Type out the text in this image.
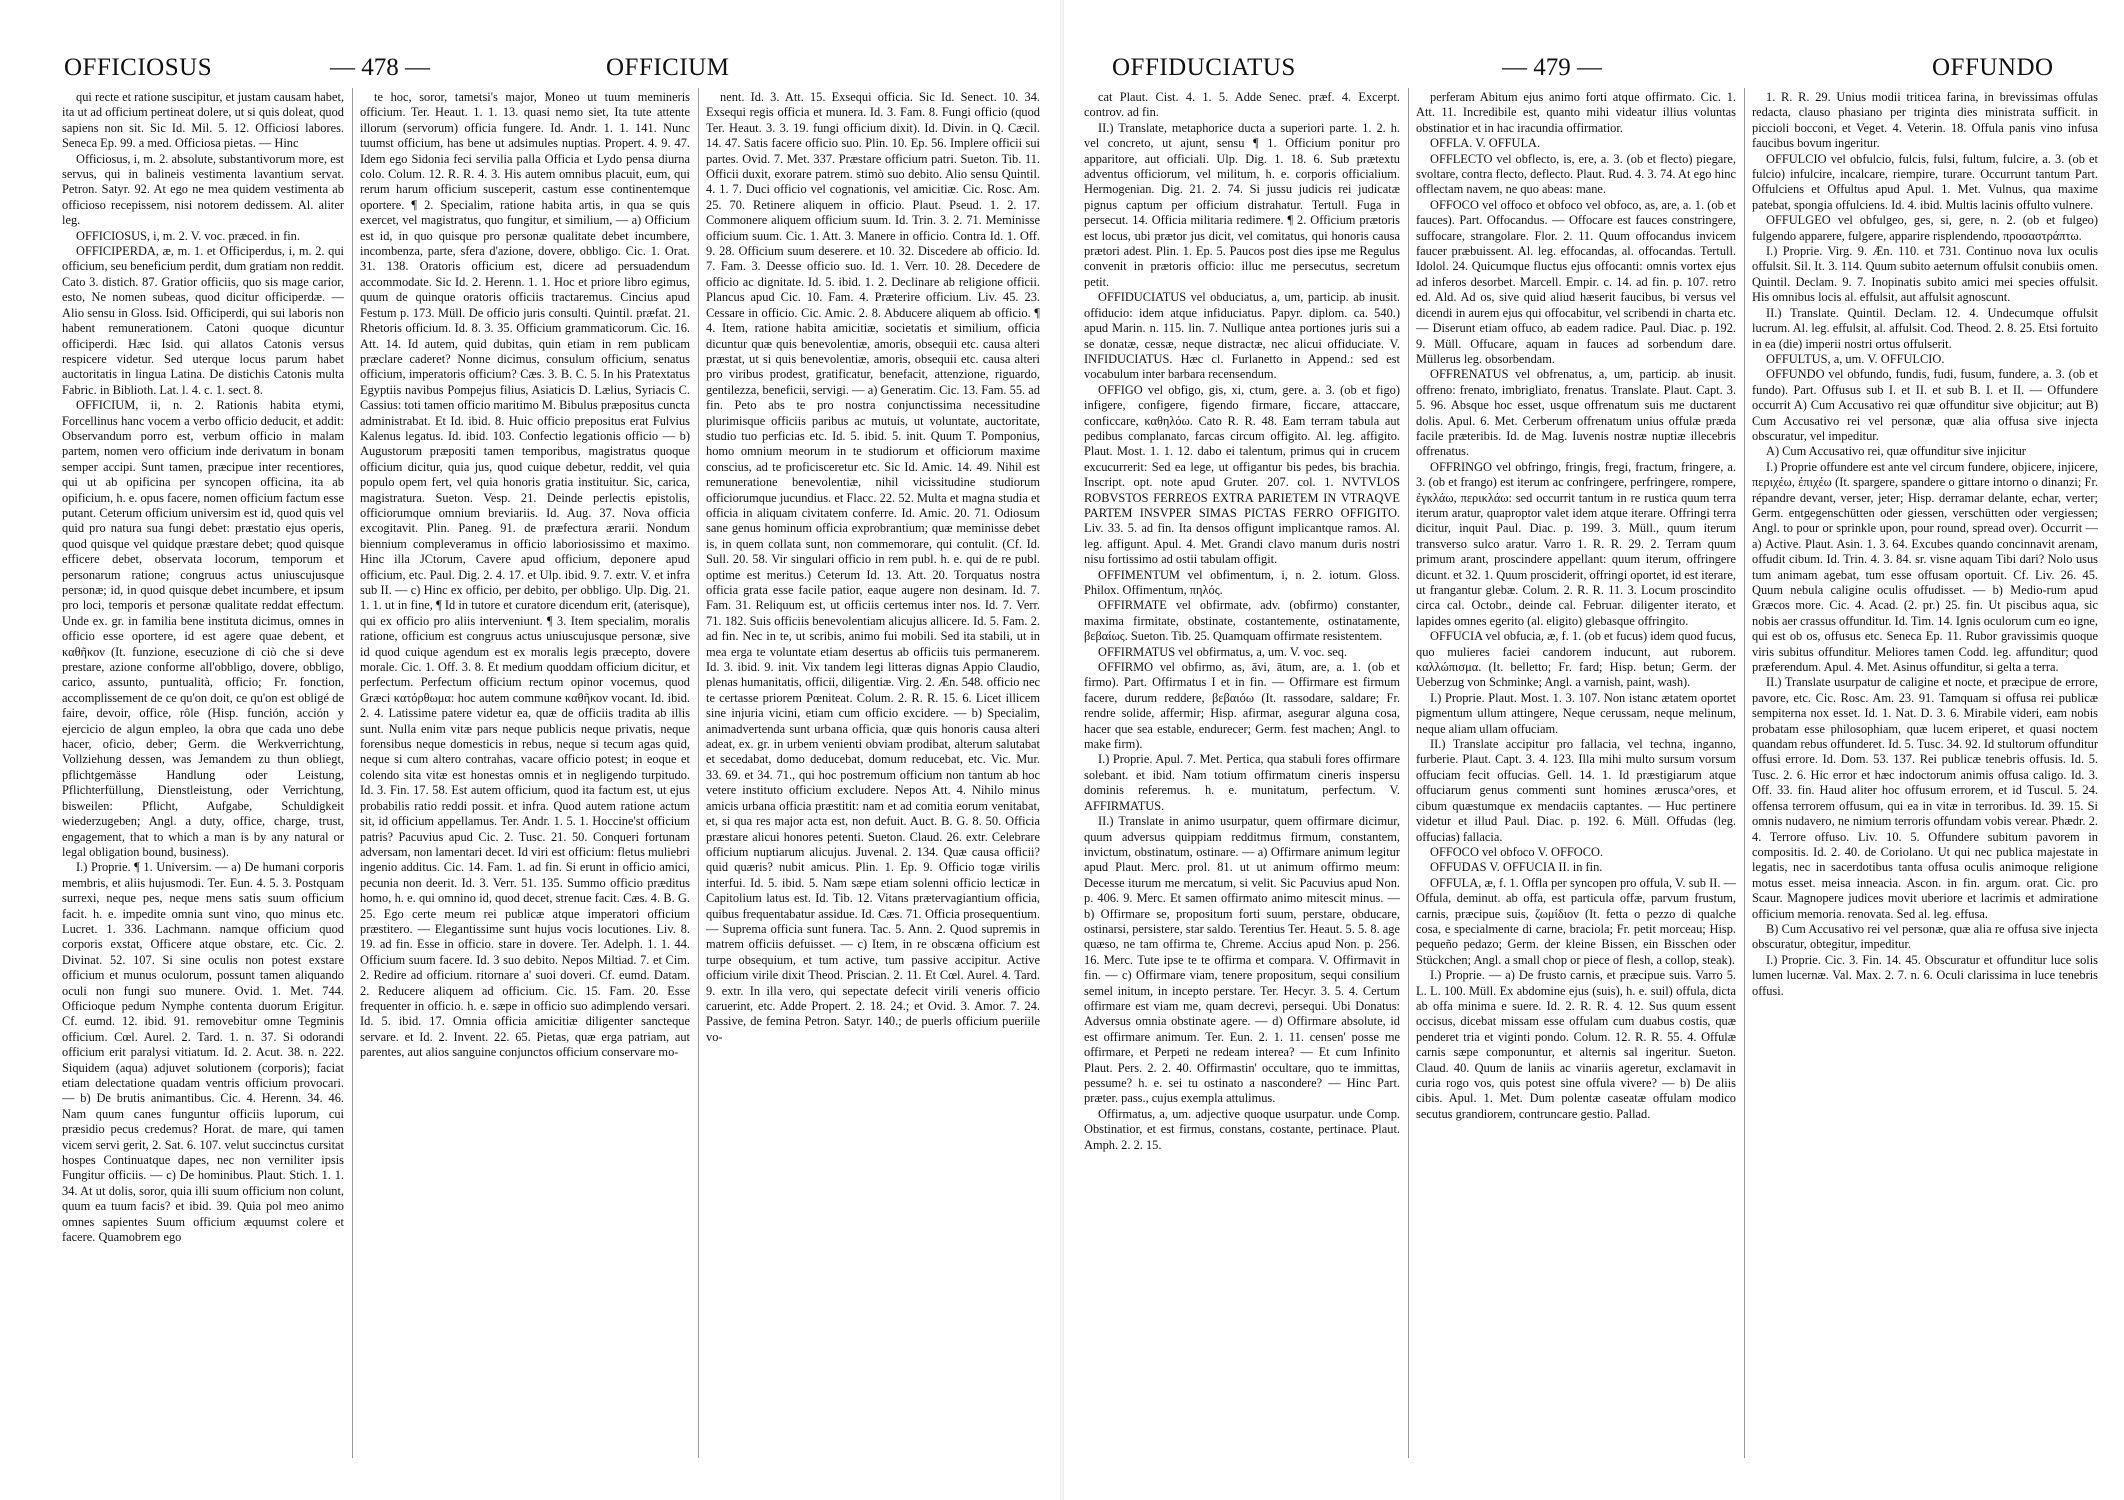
OFFICIOSUS	— 478 —	OFFICIUM

qui recte et ratione suscipitur, et justam causam habet, ita ut ad officium pertineat dolere, ut si quis doleat, quod sapiens non sit. Sic Id. Mil. 5. 12. Officiosi labores. Seneca Ep. 99. a med. Officiosa pietas. — Hinc

Officiosus, i, m. 2. absolute, substantivorum more, est servus, qui in balineis vestimenta lavantium servat. Petron. Satyr. 92. At ego ne mea quidem vestimenta ab officioso recepissem, nisi notorem dedissem. Al. aliter leg.

OFFICIOSUS, i, m. 2. V. voc. præced. in fin.

OFFICIPERDA, æ, m. 1. et Officiperdus, i, m. 2. qui officium, seu beneficium perdit, dum gratiam non reddit. Cato 3. distich. 87. Gratior officiis, quo sis mage carior, esto, Ne nomen subeas, quod dicitur officiperdæ. — Alio sensu in Gloss. Isid. Officiperdi, qui sui laboris non habent remunerationem. Catoni quoque dicuntur officiperdi. Hæc Isid. qui allatos Catonis versus respicere videtur. Sed uterque locus parum habet auctoritatis in lingua Latina. De distichis Catonis multa Fabric. in Biblioth. Lat. l. 4. c. 1. sect. 8.

OFFICIUM, ii, n. 2. Rationis habita etymi, Forcellinus hanc vocem a verbo officio deducit, et addit: Observandum porro est, verbum officio in malam partem, nomen vero officium inde derivatum in bonam semper accipi. Sunt tamen, præcipue inter recentiores, qui ut ab opificina per syncopen officina, ita ab opificium, h. e. opus facere, nomen officium factum esse putant. Ceterum officium universim est id, quod quis vel quid pro natura sua fungi debet: præstatio ejus operis, quod quisque vel quidque præstare debet; quod quisque efficere debet, observata locorum, temporum et personarum ratione; congruus actus uniuscujusque personæ; id, in quod quisque debet incumbere, et ipsum pro loci, temporis et personæ qualitate reddat effectum. Unde ex. gr. in familia bene instituta dicimus, omnes in officio esse oportere, id est agere quae debent, et καθῆκον (It. funzione, esecuzione di ciò che si deve prestare, azione conforme all'obbligo, dovere, obbligo, carico, assunto, puntualità, officio; Fr. fonction, accomplissement de ce qu'on doit, ce qu'on est obligé de faire, devoir, office, rôle (Hisp. función, acción y ejercicio de algun empleo, la obra que cada uno debe hacer, oficio, deber; Germ. die Werkverrichtung, Vollziehung dessen, was Jemandem zu thun obliegt, pflichtgemässe Handlung oder Leistung, Pflichterfüllung, Dienstleistung, oder Verrichtung, bisweilen: Pflicht, Aufgabe, Schuldigkeit wiederzugeben; Angl. a duty, office, charge, trust, engagement, that to which a man is by any natural or legal obligation bound, business).

I.) Proprie. ¶ 1. Universim. — a) De humani corporis membris, et aliis hujusmodi. Ter. Eun. 4. 5. 3. Postquam surrexi, neque pes, neque mens satis suum officium facit. h. e. impedite omnia sunt vino, quo minus etc. Lucret. 1. 336. Lachmann. namque officium quod corporis exstat, Officere atque obstare, etc. Cic. 2. Divinat. 52. 107. Si sine oculis non potest exstare officium et munus oculorum, possunt tamen aliquando oculi non fungi suo munere. Ovid. 1. Met. 744. Officioque pedum Nymphe contenta duorum Erigitur. Cf. eumd. 12. ibid. 91. removebitur omne Tegminis officium. Cœl. Aurel. 2. Tard. 1. n. 37. Si odorandi officium erit paralysi vitiatum. Id. 2. Acut. 38. n. 222. Siquidem (aqua) adjuvet solutionem (corporis); faciat etiam delectatione quadam ventris officium provocari. — b) De brutis animantibus. Cic. 4. Herenn. 34. 46. Nam quum canes funguntur officiis luporum, cui præsidio pecus credemus? Horat. de mare, qui tamen vicem servi gerit, 2. Sat. 6. 107. velut succinctus cursitat hospes Continuatque dapes, nec non verniliter ipsis Fungitur officiis. — c) De hominibus. Plaut. Stich. 1. 1. 34. At ut dolis, soror, quia illi suum officium non colunt, quum ea tuum facis? et ibid. 39. Quia pol meo animo omnes sapientes Suum officium æquumst colere et facere. Quamobrem ego

te hoc, soror, tametsi's major, Moneo ut tuum memineris officium. Ter. Heaut. 1. 1. 13. quasi nemo siet, Ita tute attente illorum (servorum) officia fungere. Id. Andr. 1. 1. 141. Nunc tuumst officium, has bene ut adsimules nuptias. Propert. 4. 9. 47. Idem ego Sidonia feci servilia palla Officia et Lydo pensa diurna colo. Colum. 12. R. R. 4. 3. His autem omnibus placuit, eum, qui rerum harum officium susceperit, castum esse continentemque oportere. ¶ 2. Specialim, ratione habita artis, in qua se quis exercet, vel magistratus, quo fungitur, et similium, — a) Officium est id, in quo quisque pro personæ qualitate debet incumbere, incombenza, parte, sfera d'azione, dovere, obbligo. Cic. 1. Orat. 31. 138. Oratoris officium est, dicere ad persuadendum accommodate. Sic Id. 2. Herenn. 1. 1. Hoc et priore libro egimus, quum de quinque oratoris officiis tractaremus. Cincius apud Festum p. 173. Müll. De officio juris consulti. Quintil. præfat. 21. Rhetoris officium. Id. 8. 3. 35. Officium grammaticorum. Cic. 16. Att. 14. Id autem, quid dubitas, quin etiam in rem publicam præclare caderet? Nonne dicimus, consulum officium, senatus officium, imperatoris officium? Cæs. 3. B. C. 5. In his Pratextatus Egyptiis navibus Pompejus filius, Asiaticis D. Lælius, Syriacis C. Cassius: toti tamen officio maritimo M. Bibulus præpositus cuncta administrabat. Et Id. ibid. 8. Huic officio prepositus erat Fulvius Kalenus legatus. Id. ibid. 103. Confectio legationis officio — b) Augustorum præpositi tamen temporibus, magistratus quoque officium dicitur, quia jus, quod cuique debetur, reddit, vel quia populo opem fert, vel quia honoris gratia instituitur. Sic, carica, magistratura. Sueton. Vesp. 21. Deinde perlectis epistolis, officiorumque omnium breviariis. Id. Aug. 37. Nova officia excogitavit. Plin. Paneg. 91. de præfectura ærarii. Nondum biennium compleveramus in officio laboriosissimo et maximo. Hinc illa JCtorum, Cavere apud officium, deponere apud officium, etc. Paul. Dig. 2. 4. 17. et Ulp. ibid. 9. 7. extr. V. et infra sub II. — c) Hinc ex officio, per debito, per obbligo. Ulp. Dig. 21. 1. 1. ut in fine, ¶ Id in tutore et curatore dicendum erit, (aterisque), qui ex officio pro aliis interveniunt. ¶ 3. Item specialim, moralis ratione, officium est congruus actus uniuscujusque personæ, sive id quod cuique agendum est ex moralis legis præcepto, dovere morale. Cic. 1. Off. 3. 8. Et medium quoddam officium dicitur, et perfectum. Perfectum officium rectum opinor vocemus, quod Græci κατόρθωμα: hoc autem commune καθῆκον vocant. Id. ibid. 2. 4. Latissime patere videtur ea, quæ de officiis tradita ab illis sunt. Nulla enim vitæ pars neque publicis neque privatis, neque forensibus neque domesticis in rebus, neque si tecum agas quid, neque si cum altero contrahas, vacare officio potest; in eoque et colendo sita vitæ est honestas omnis et in negligendo turpitudo. Id. 3. Fin. 17. 58. Est autem officium, quod ita factum est, ut ejus probabilis ratio reddi possit. et infra. Quod autem ratione actum sit, id officium appellamus. Ter. Andr. 1. 5. 1. Hoccine'st officium patris? Pacuvius apud Cic. 2. Tusc. 21. 50. Conqueri fortunam adversam, non lamentari decet. Id viri est officium: fletus muliebri ingenio additus. Cic. 14. Fam. 1. ad fin. Si erunt in officio amici, pecunia non deerit. Id. 3. Verr. 51. 135. Summo officio præditus homo, h. e. qui omnino id, quod decet, strenue facit. Cæs. 4. B. G. 25. Ego certe meum rei publicæ atque imperatori officium præstitero. — Elegantissime sunt hujus vocis locutiones. Liv. 8. 19. ad fin. Esse in officio. stare in dovere. Ter. Adelph. 1. 1. 44. Officium suum facere. Id. 3 suo debito. Nepos Miltiad. 7. et Cim. 2. Redire ad officium. ritornare a' suoi doveri. Cf. eumd. Datam. 2. Reducere aliquem ad officium. Cic. 15. Fam. 20. Esse frequenter in officio. h. e. sæpe in officio suo adimplendo versari. Id. 5. ibid. 17. Omnia officia amicitiæ diligenter sancteque servare. et Id. 2. Invent. 22. 65. Pietas, quæ erga patriam, aut parentes, aut alios sanguine conjunctos officium conservare mo-

nent. Id. 3. Att. 15. Exsequi officia. Sic Id. Senect. 10. 34. Exsequi regis officia et munera. Id. 3. Fam. 8. Fungi officio (quod Ter. Heaut. 3. 3. 19. fungi officium dixit). Id. Divin. in Q. Cæcil. 14. 47. Satis facere officio suo. Plin. 10. Ep. 56. Implere officii sui partes. Ovid. 7. Met. 337. Præstare officium patri. Sueton. Tib. 11. Officii duxit, exorare patrem. stimò suo debito. Alio sensu Quintil. 4. 1. 7. Duci officio vel cognationis, vel amicitiæ. Cic. Rosc. Am. 25. 70. Retinere aliquem in officio. Plaut. Pseud. 1. 2. 17. Commonere aliquem officium suum. Id. Trin. 3. 2. 71. Meminisse officium suum. Cic. 1. Att. 3. Manere in officio. Contra Id. 1. Off. 9. 28. Officium suum deserere. et 10. 32. Discedere ab officio. Id. 7. Fam. 3. Deesse officio suo. Id. 1. Verr. 10. 28. Decedere de officio ac dignitate. Id. 5. ibid. 1. 2. Declinare ab religione officii. Plancus apud Cic. 10. Fam. 4. Præterire officium. Liv. 45. 23. Cessare in officio. Cic. Amic. 2. 8. Abducere aliquem ab officio. ¶ 4. Item, ratione habita amicitiæ, societatis et similium, officia dicuntur quæ quis benevolentiæ, amoris, obsequii etc. causa alteri præstat, ut si quis benevolentiæ, amoris, obsequii etc. causa alteri pro viribus prodest, gratificatur, benefacit, attenzione, riguardo, gentilezza, beneficii, servigi. — a) Generatim. Cic. 13. Fam. 55. ad fin. Peto abs te pro nostra conjunctissima necessitudine plurimisque officiis paribus ac mutuis, ut voluntate, auctoritate, studio tuo perficias etc. Id. 5. ibid. 5. init. Quum T. Pomponius, homo omnium meorum in te studiorum et officiorum maxime conscius, ad te proficisceretur etc. Sic Id. Amic. 14. 49. Nihil est remuneratione benevolentiæ, nihil vicissitudine studiorum officiorumque jucundius. et Flacc. 22. 52. Multa et magna studia et officia in aliquam civitatem conferre. Id. Amic. 20. 71. Odiosum sane genus hominum officia exprobrantium; quæ meminisse debet is, in quem collata sunt, non commemorare, qui contulit. (Cf. Id. Sull. 20. 58. Vir singulari officio in rem publ. h. e. qui de re publ. optime est meritus.) Ceterum Id. 13. Att. 20. Torquatus nostra officia grata esse facile patior, eaque augere non desinam. Id. 7. Fam. 31. Reliquum est, ut officiis certemus inter nos. Id. 7. Verr. 71. 182. Suis officiis benevolentiam alicujus allicere. Id. 5. Fam. 2. ad fin. Nec in te, ut scribis, animo fui mobili. Sed ita stabili, ut in mea erga te voluntate etiam desertus ab officiis tuis permanerem. Id. 3. ibid. 9. init. Vix tandem legi litteras dignas Appio Claudio, plenas humanitatis, officii, diligentiæ. Virg. 2. Æn. 548. officio nec te certasse priorem Pœniteat. Colum. 2. R. R. 15. 6. Licet illicem sine injuria vicini, etiam cum officio excidere. — b) Specialim, animadvertenda sunt urbana officia, quæ quis honoris causa alteri adeat, ex. gr. in urbem venienti obviam prodibat, alterum salutabat et secedabat, domo deducebat, domum reducebat, etc. Vic. Mur. 33. 69. et 34. 71., qui hoc postremum officium non tantum ab hoc vetere instituto officium excludere. Nepos Att. 4. Nihilo minus amicis urbana officia præstitit: nam et ad comitia eorum venitabat, et, si qua res major acta est, non defuit. Auct. B. G. 8. 50. Officia præstare alicui honores petenti. Sueton. Claud. 26. extr. Celebrare officium nuptiarum alicujus. Juvenal. 2. 134. Quæ causa officii? quid quæris? nubit amicus. Plin. 1. Ep. 9. Officio togæ virilis interfui. Id. 5. ibid. 5. Nam sæpe etiam solenni officio lecticæ in Capitolium latus est. Id. Tib. 12. Vitans prætervagiantium officia, quibus frequentabatur assidue. Id. Cæs. 71. Officia prosequentium. — Suprema officia sunt funera. Tac. 5. Ann. 2. Quod supremis in matrem officiis defuisset. — c) Item, in re obscæna officium est turpe obsequium, et tum active, tum passive accipitur. Active officium virile dixit Theod. Priscian. 2. 11. Et Cœl. Aurel. 4. Tard. 9. extr. In illa vero, qui sepectate defecit virili veneris officio caruerint, etc. Adde Propert. 2. 18. 24.; et Ovid. 3. Amor. 7. 24. Passive, de femina Petron. Satyr. 140.; de puerls officium pueriile vo-

OFFIDUCIATUS	— 479 —	OFFUNDO

cat Plaut. Cist. 4. 1. 5. Adde Senec. præf. 4. Excerpt. controv. ad fin.

II.) Translate, metaphorice ducta a superiori parte. 1. 2. h. vel concreto, ut ajunt, sensu ¶ 1. Officium ponitur pro apparitore, aut officiali. Ulp. Dig. 1. 18. 6. Sub prætextu adventus officiorum, vel militum, h. e. corporis officialium. Hermogenian. Dig. 21. 2. 74. Si jussu judicis rei judicatæ pignus captum per officium distrahatur. Tertull. Fuga in persecut. 14. Officia militaria redimere. ¶ 2. Officium prætoris est locus, ubi prætor jus dicit, vel comitatus, qui honoris causa prætori adest. Plin. 1. Ep. 5. Paucos post dies ipse me Regulus convenit in prætoris officio: illuc me persecutus, secretum petit.

OFFIDUCIATUS vel obduciatus, a, um, particip. ab inusit. offiducio: idem atque infiduciatus. Papyr. diplom. ca. 540.) apud Marin. n. 115. lin. 7. Nullique antea portiones juris sui a se donatæ, cessæ, neque distractæ, nec alicui offiduciate. V. INFIDUCIATUS. Hæc cl. Furlanetto in Append.: sed est vocabulum inter barbara recensendum.

OFFIGO vel obfigo, gis, xi, ctum, gere. a. 3. (ob et figo) infigere, configere, figendo firmare, ficcare, attaccare, conficcare, καθηλόω. Cato R. R. 48. Eam terram tabula aut pedibus complanato, farcas circum offigito. Al. leg. affigito. Plaut. Most. 1. 1. 12. dabo ei talentum, primus qui in crucem excucurrerit: Sed ea lege, ut offigantur bis pedes, bis brachia. Inscript. opt. note apud Gruter. 207. col. 1. NVTVLOS ROBVSTOS FERREOS EXTRA PARIETEM IN VTRAQVE PARTEM INSVPER SIMAS PICTAS FERRO OFFIGITO. Liv. 33. 5. ad fin. Ita densos offigunt implicantque ramos. Al. leg. affigunt. Apul. 4. Met. Grandi clavo manum duris nostri nisu fortissimo ad ostii tabulam offigit.

OFFIMENTUM vel obfimentum, i, n. 2. iotum. Gloss. Philox. Offimentum, πηλός.

OFFIRMATE vel obfirmate, adv. (obfirmo) constanter, maxima firmitate, obstinate, costantemente, ostinatamente, βεβαίως. Sueton. Tib. 25. Quamquam offirmate resistentem.

OFFIRMATUS vel obfirmatus, a, um. V. voc. seq.

OFFIRMO vel obfirmo, as, āvi, ātum, are, a. 1. (ob et firmo). Part. Offirmatus I et in fin. — Offirmare est firmum facere, durum reddere, βεβαιόω (It. rassodare, saldare; Fr. rendre solide, affermir; Hisp. afirmar, asegurar alguna cosa, hacer que sea estable, endurecer; Germ. fest machen; Angl. to make firm).

I.) Proprie. Apul. 7. Met. Pertica, qua stabuli fores offirmare solebant. et ibid. Nam totium offirmatum cineris inspersu dominis referemus. h. e. munitatum, perfectum. V. AFFIRMATUS.

II.) Translate in animo usurpatur, quem offirmare dicimur, quum adversus quippiam redditmus firmum, constantem, invictum, obstinatum, ostinare. — a) Offirmare animum legitur apud Plaut. Merc. prol. 81. ut ut animum offirmo meum: Decesse iturum me mercatum, si velit. Sic Pacuvius apud Non. p. 406. 9. Merc. Et samen offirmato animo mitescit minus. — b) Offirmare se, propositum forti suum, perstare, obducare, ostinarsi, persistere, star saldo. Terentius Ter. Heaut. 5. 5. 8. age quæso, ne tam offirma te, Chreme. Accius apud Non. p. 256. 16. Merc. Tute ipse te te offirma et compara. V. Offirmavit in fin. — c) Offirmare viam, tenere propositum, sequi consilium semel initum, in incepto perstare. Ter. Hecyr. 3. 5. 4. Certum offirmare est viam me, quam decrevi, persequi. Ubi Donatus: Adversus omnia obstinate agere. — d) Offirmare absolute, id est offirmare animum. Ter. Eun. 2. 1. 11. censen' posse me offirmare, et Perpeti ne redeam interea? — Et cum Infinito Plaut. Pers. 2. 2. 40. Offirmastin' occultare, quo te immittas, pessume? h. e. sei tu ostinato a nascondere? — Hinc Part. præter. pass., cujus exempla attulimus.

Offirmatus, a, um. adjective quoque usurpatur. unde Comp. Obstinatior, et est firmus, constans, costante, pertinace. Plaut. Amph. 2. 2. 15.

perferam Abitum ejus animo forti atque offirmato. Cic. 1. Att. 11. Incredibile est, quanto mihi videatur illius voluntas obstinatior et in hac iracundia offirmatior.

OFFLA. V. OFFULA.

OFFLECTO vel obflecto, is, ere, a. 3. (ob et flecto) piegare, svoltare, contra flecto, deflecto. Plaut. Rud. 4. 3. 74. At ego hinc offlectam navem, ne quo abeas: mane.

OFFOCO vel offoco et obfoco vel obfoco, as, are, a. 1. (ob et fauces). Part. Offocandus. — Offocare est fauces constringere, suffocare, strangolare. Flor. 2. 11. Quum offocandus invicem faucer præbuissent. Al. leg. effocandas, al. offocandas. Tertull. Idolol. 24. Quicumque fluctus ejus offocanti: omnis vortex ejus ad inferos desorbet. Marcell. Empir. c. 14. ad fin. p. 107. retro ed. Ald. Ad os, sive quid aliud hæserit faucibus, bi versus vel dicendi in aurem ejus qui offocabitur, vel scribendi in charta etc. — Diserunt etiam offuco, ab eadem radice. Paul. Diac. p. 192. 9. Müll. Offucare, aquam in fauces ad sorbendum dare. Müllerus leg. obsorbendam.

OFFRENATUS vel obfrenatus, a, um, particip. ab inusit. offreno: frenato, imbrigliato, frenatus. Translate. Plaut. Capt. 3. 5. 96. Absque hoc esset, usque offrenatum suis me ductarent dolis. Apul. 6. Met. Cerberum offrenatum unius offulæ præda facile præteribis. Id. de Mag. Iuvenis nostræ nuptiæ illecebris offrenatus.

OFFRINGO vel obfringo, fringis, fregi, fractum, fringere, a. 3. (ob et frango) est iterum ac confringere, perfringere, rompere, ἐγκλάω, περικλάω: sed occurrit tantum in re rustica quum terra iterum aratur, quaproptor valet idem atque iterare. Offringi terra dicitur, inquit Paul. Diac. p. 199. 3. Müll., quum iterum transverso sulco aratur. Varro 1. R. R. 29. 2. Terram quum primum arant, proscindere appellant: quum iterum, offringere dicunt. et 32. 1. Quum prosciderit, offringi oportet, id est iterare, ut frangantur glebæ. Colum. 2. R. R. 11. 3. Locum proscindito circa cal. Octobr., deinde cal. Februar. diligenter iterato, et lapides omnes egerito (al. eligito) glebasque offringito.

OFFUCIA vel obfucia, æ, f. 1. (ob et fucus) idem quod fucus, quo mulieres faciei candorem inducunt, aut ruborem. καλλώπισμα. (It. belletto; Fr. fard; Hisp. betun; Germ. der Ueberzug von Schminke; Angl. a varnish, paint, wash).

I.) Proprie. Plaut. Most. 1. 3. 107. Non istanc ætatem oportet pigmentum ullum attingere, Neque cerussam, neque melinum, neque aliam ullam offuciam.

II.) Translate accipitur pro fallacia, vel techna, inganno, furberie. Plaut. Capt. 3. 4. 123. Illa mihi multo sursum vorsum offuciam fecit offucias. Gell. 14. 1. Id præstigiarum atque offuciarum genus commenti sunt homines ærusca^ores, et cibum quæstumque ex mendaciis captantes. — Huc pertinere videtur et illud Paul. Diac. p. 192. 6. Müll. Offudas (leg. offucias) fallacia.

OFFOCO vel obfoco V. OFFOCO.

OFFUDAS V. OFFUCIA II. in fin.

OFFULA, æ, f. 1. Offla per syncopen pro offula, V. sub II. — Offula, deminut. ab offa, est particula offæ, parvum frustum, carnis, præcipue suis, ζωμίδιον (It. fetta o pezzo di qualche cosa, e specialmente di carne, braciola; Fr. petit morceau; Hisp. pequeño pedazo; Germ. der kleine Bissen, ein Bisschen oder Stückchen; Angl. a small chop or piece of flesh, a collop, steak).

I.) Proprie. — a) De frusto carnis, et præcipue suis. Varro 5. L. L. 100. Müll. Ex abdomine ejus (suis), h. e. suil) offula, dicta ab offa minima e suere. Id. 2. R. R. 4. 12. Sus quum essent occisus, dicebat missam esse offulam cum duabus costis, quæ penderet tria et viginti pondo. Colum. 12. R. R. 55. 4. Offulæ carnis sæpe componuntur, et alternis sal ingeritur. Sueton. Claud. 40. Quum de laniis ac vinariis ageretur, exclamavit in curia rogo vos, quis potest sine offula vivere? — b) De aliis cibis. Apul. 1. Met. Dum polentæ caseatæ offulam modico secutus grandiorem, contruncare gestio. Pallad.

1. R. R. 29. Unius modii triticea farina, in brevissimas offulas redacta, clauso phasiano per triginta dies ministrata sufficit. in piccioli bocconi, et Veget. 4. Veterin. 18. Offula panis vino infusa faucibus bovum ingeritur.

OFFULCIO vel obfulcio, fulcis, fulsi, fultum, fulcire, a. 3. (ob et fulcio) infulcire, incalcare, riempire, turare. Occurrunt tantum Part. Offulciens et Offultus apud Apul. 1. Met. Vulnus, qua maxime patebat, spongia offulciens. Id. 4. ibid. Multis lacinis offulto vulnere.

OFFULGEO vel obfulgeo, ges, si, gere, n. 2. (ob et fulgeo) fulgendo apparere, fulgere, apparire risplendendo, προσαστράπτω.

I.) Proprie. Virg. 9. Æn. 110. et 731. Continuo nova lux oculis offulsit. Sil. It. 3. 114. Quum subito aeternum offulsit conubiis omen. Quintil. Declam. 9. 7. Inopinatis subito amici mei species offulsit. His omnibus locis al. effulsit, aut affulsit agnoscunt.

II.) Translate. Quintil. Declam. 12. 4. Undecumque offulsit lucrum. Al. leg. effulsit, al. affulsit. Cod. Theod. 2. 8. 25. Etsi fortuito in ea (die) imperii nostri ortus offulserit.

OFFULTUS, a, um. V. OFFULCIO.

OFFUNDO vel obfundo, fundis, fudi, fusum, fundere, a. 3. (ob et fundo). Part. Offusus sub I. et II. et sub B. I. et II. — Offundere occurrit A) Cum Accusativo rei quæ offunditur sive objicitur; aut B) Cum Accusativo rei vel personæ, quæ alia offusa sive injecta obscuratur, vel impeditur.

A) Cum Accusativo rei, quæ offunditur sive injicitur

I.) Proprie offundere est ante vel circum fundere, objicere, injicere, περιχέω, ἐπιχέω (It. spargere, spandere o gittare intorno o dinanzi; Fr. répandre devant, verser, jeter; Hisp. derramar delante, echar, verter; Germ. entgegenschütten oder giessen, verschütten oder vergiessen; Angl. to pour or sprinkle upon, pour round, spread over). Occurrit — a) Active. Plaut. Asin. 1. 3. 64. Excubes quando concinnavit arenam, offudit cibum. Id. Trin. 4. 3. 84. sr. visne aquam Tibi dari? Nolo usus tum animam agebat, tum esse offusam oportuit. Cf. Liv. 26. 45. Quum nebula caligine oculis offudisset. — b) Medio-rum apud Græcos more. Cic. 4. Acad. (2. pr.) 25. fin. Ut piscibus aqua, sic nobis aer crassus offunditur. Id. Tim. 14. Ignis oculorum cum eo igne, qui est ob os, offusus etc. Seneca Ep. 11. Rubor gravissimis quoque viris subitus offunditur. Meliores tamen Codd. leg. affunditur; quod præferendum. Apul. 4. Met. Asinus offunditur, si gelta a terra.

II.) Translate usurpatur de caligine et nocte, et præcipue de errore, pavore, etc. Cic. Rosc. Am. 23. 91. Tamquam si offusa rei publicæ sempiterna nox esset. Id. 1. Nat. D. 3. 6. Mirabile videri, eam nobis probatam esse philosophiam, quæ lucem eriperet, et quasi noctem quandam rebus offunderet. Id. 5. Tusc. 34. 92. Id stultorum offunditur offusi errore. Id. Dom. 53. 137. Rei publicæ tenebris offusis. Id. 5. Tusc. 2. 6. Hic error et hæc indoctorum animis offusa caligo. Id. 3. Off. 33. fin. Haud aliter hoc offusum errorem, et id Tuscul. 5. 24. offensa terrorem offusum, qui ea in vitæ in terroribus. Id. 39. 15. Si omnis nudavero, ne nimium terroris offundam vobis verear. Phædr. 2. 4. Terrore offuso. Liv. 10. 5. Offundere subitum pavorem in compositis. Id. 2. 40. de Coriolano. Ut qui nec publica majestate in legatis, nec in sacerdotibus tanta offusa oculis animoque religione motus esset. meisa inneacia. Ascon. in fin. argum. orat. Cic. pro Scaur. Magnopere judices movit uberiore et lacrimis et admiratione officium memoria. renovata. Sed al. leg. effusa.

B) Cum Accusativo rei vel personæ, quæ alia re offusa sive injecta obscuratur, obtegitur, impeditur.

I.) Proprie. Cic. 3. Fin. 14. 45. Obscuratur et offunditur luce solis lumen lucernæ. Val. Max. 2. 7. n. 6. Oculi clarissima in luce tenebris offusi.
